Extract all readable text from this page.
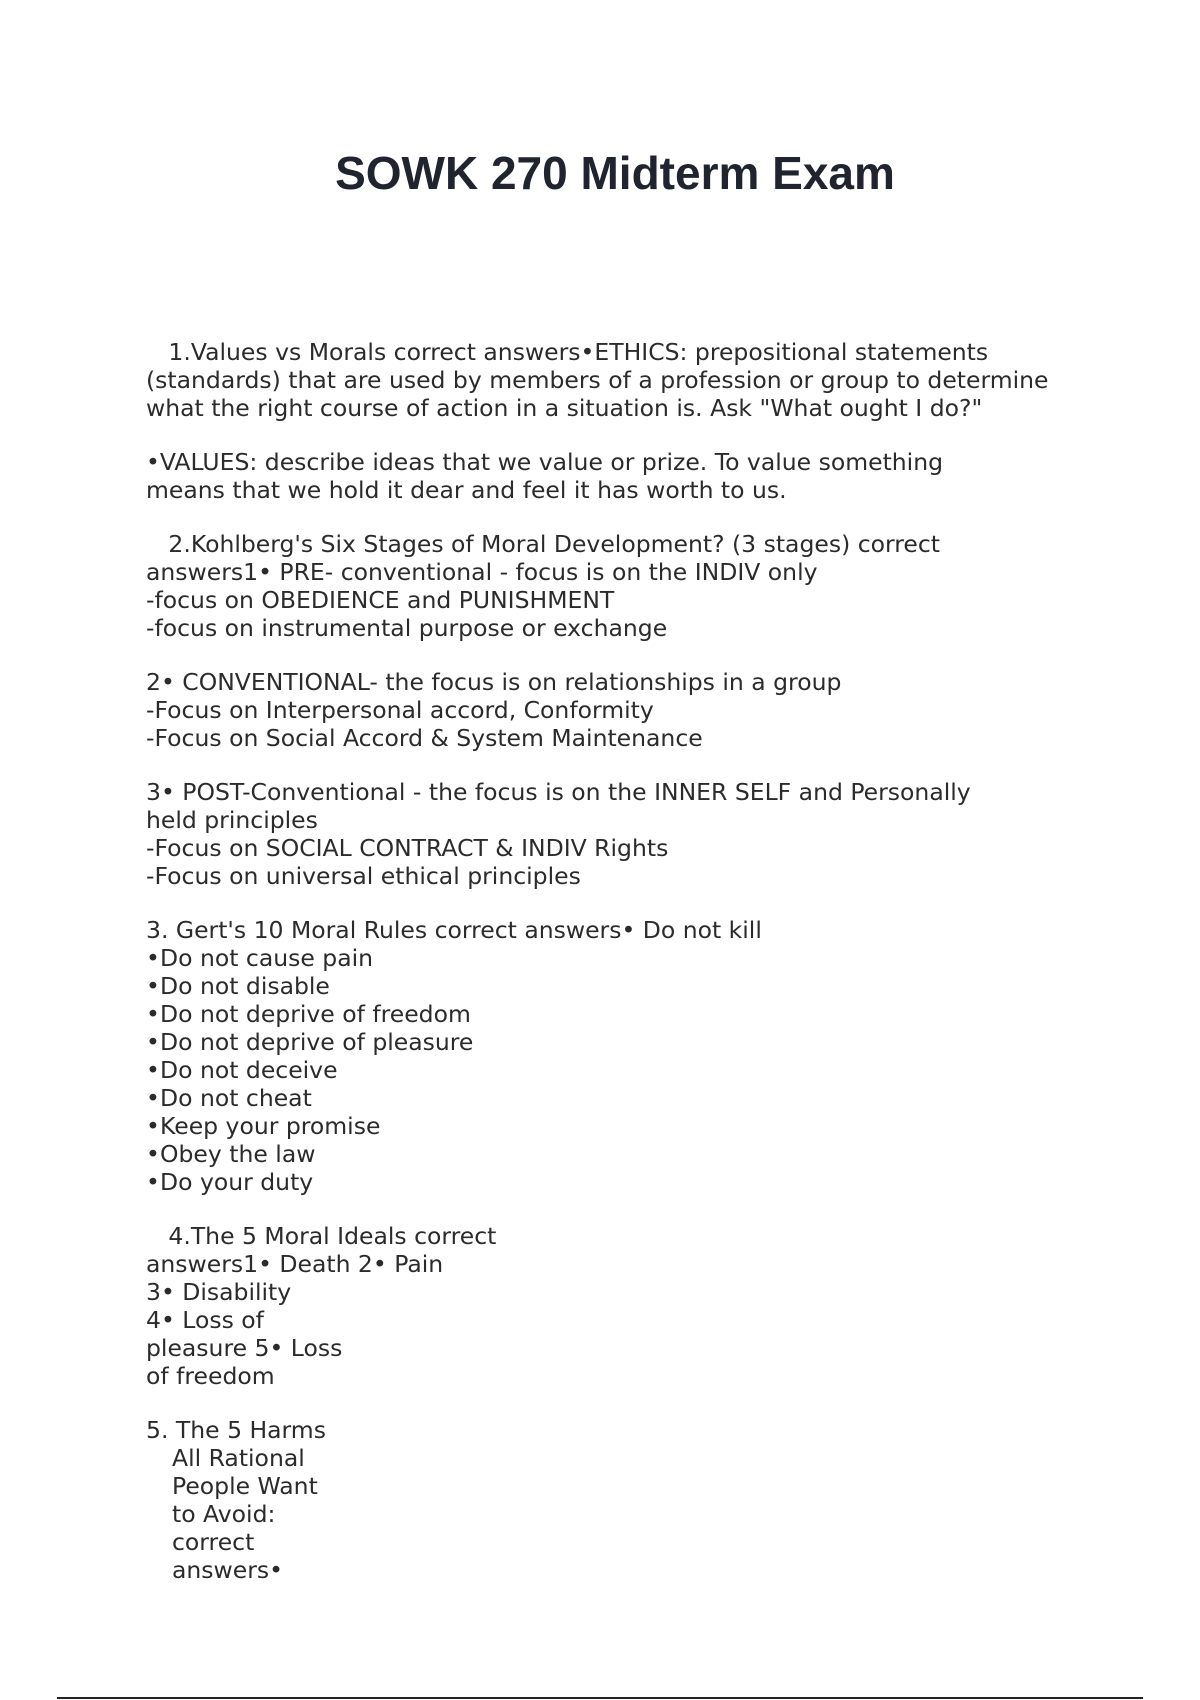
SOWK 270 Midterm Exam
1.Values vs Morals correct answers•ETHICS: prepositional statements
(standards) that are used by members of a profession or group to determine
what the right course of action in a situation is. Ask "What ought I do?"
•VALUES: describe ideas that we value or prize. To value something
means that we hold it dear and feel it has worth to us.
2.Kohlberg's Six Stages of Moral Development? (3 stages) correct
answers1• PRE- conventional - focus is on the INDIV only
-focus on OBEDIENCE and PUNISHMENT
-focus on instrumental purpose or exchange
2• CONVENTIONAL- the focus is on relationships in a group
-Focus on Interpersonal accord, Conformity
-Focus on Social Accord & System Maintenance
3• POST-Conventional - the focus is on the INNER SELF and Personally
held principles
-Focus on SOCIAL CONTRACT & INDIV Rights
-Focus on universal ethical principles
3. Gert's 10 Moral Rules correct answers• Do not kill
•Do not cause pain
•Do not disable
•Do not deprive of freedom
•Do not deprive of pleasure
•Do not deceive
•Do not cheat
•Keep your promise
•Obey the law
•Do your duty
4.The 5 Moral Ideals correct
answers1• Death 2• Pain
3• Disability
4• Loss of
pleasure 5• Loss
of freedom
5. The 5 Harms
All Rational
People Want
to Avoid:
correct
answers•
